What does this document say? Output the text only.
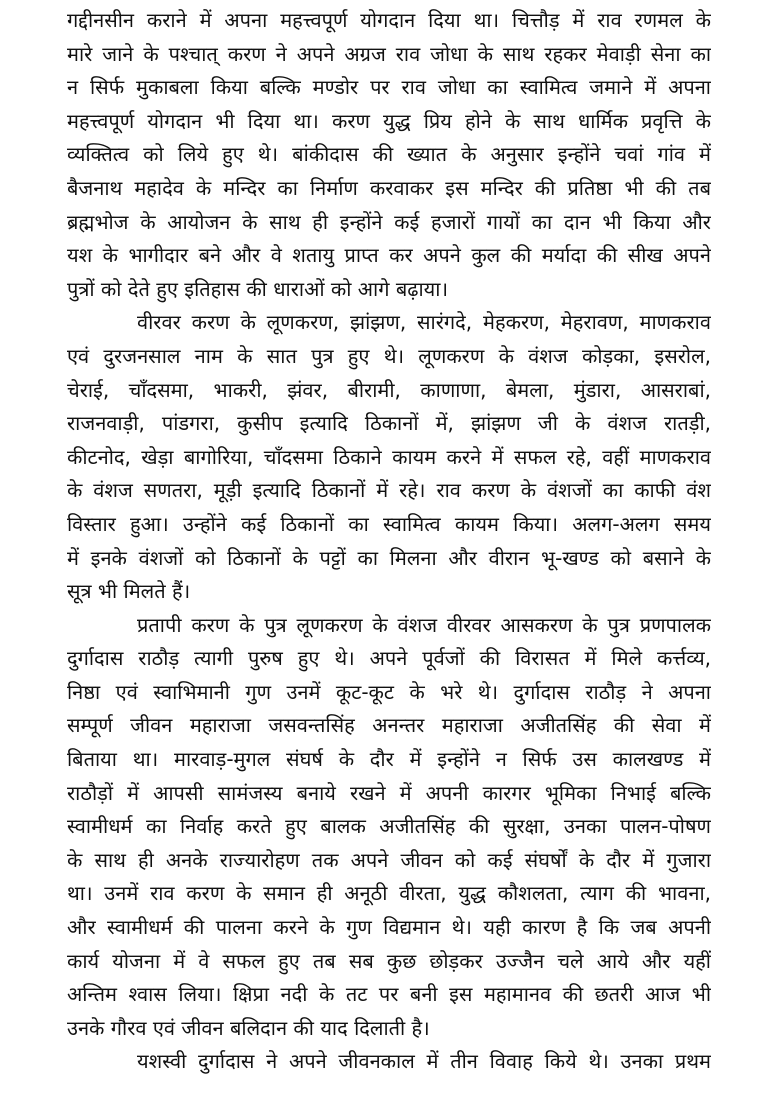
गद्दीनसीन कराने में अपना महत्त्वपूर्ण योगदान दिया था। चित्तौड़ में राव रणमल के
मारे जाने के पश्चात् करण ने अपने अग्रज राव जोधा के साथ रहकर मेवाड़ी सेना का
न सिर्फ मुकाबला किया बल्कि मण्डोर पर राव जोधा का स्वामित्व जमाने में अपना
महत्त्वपूर्ण योगदान भी दिया था। करण युद्ध प्रिय होने के साथ धार्मिक प्रवृत्ति के
व्यक्तित्व को लिये हुए थे। बांकीदास की ख्यात के अनुसार इन्होंने चवां गांव में
बैजनाथ महादेव के मन्दिर का निर्माण करवाकर इस मन्दिर की प्रतिष्ठा भी की तब
ब्रह्मभोज के आयोजन के साथ ही इन्होंने कई हजारों गायों का दान भी किया और
यश के भागीदार बने और वे शतायु प्राप्त कर अपने कुल की मर्यादा की सीख अपने
पुत्रों को देते हुए इतिहास की धाराओं को आगे बढ़ाया।
वीरवर करण के लूणकरण, झांझण, सारंगदे, मेहकरण, मेहरावण, माणकराव
एवं दुरजनसाल नाम के सात पुत्र हुए थे। लूणकरण के वंशज कोड़का, इसरोल,
चेराई, चाँदसमा, भाकरी, झंवर, बीरामी, काणाणा, बेमला, मुंडारा, आसराबां,
राजनवाड़ी, पांडगरा, कुसीप इत्यादि ठिकानों में, झांझण जी के वंशज रातड़ी,
कीटनोद, खेड़ा बागोरिया, चाँदसमा ठिकाने कायम करने में सफल रहे, वहीं माणकराव
के वंशज सणतरा, मूड़ी इत्यादि ठिकानों में रहे। राव करण के वंशजों का काफी वंश
विस्तार हुआ। उन्होंने कई ठिकानों का स्वामित्व कायम किया। अलग-अलग समय
में इनके वंशजों को ठिकानों के पट्टों का मिलना और वीरान भू-खण्ड को बसाने के
सूत्र भी मिलते हैं।
प्रतापी करण के पुत्र लूणकरण के वंशज वीरवर आसकरण के पुत्र प्रणपालक
दुर्गादास राठौड़ त्यागी पुरुष हुए थे। अपने पूर्वजों की विरासत में मिले कर्त्तव्य,
निष्ठा एवं स्वाभिमानी गुण उनमें कूट-कूट के भरे थे। दुर्गादास राठौड़ ने अपना
सम्पूर्ण जीवन महाराजा जसवन्तसिंह अनन्तर महाराजा अजीतसिंह की सेवा में
बिताया था। मारवाड़-मुगल संघर्ष के दौर में इन्होंने न सिर्फ उस कालखण्ड में
राठौड़ों में आपसी सामंजस्य बनाये रखने में अपनी कारगर भूमिका निभाई बल्कि
स्वामीधर्म का निर्वाह करते हुए बालक अजीतसिंह की सुरक्षा, उनका पालन-पोषण
के साथ ही अनके राज्यारोहण तक अपने जीवन को कई संघर्षों के दौर में गुजारा
था। उनमें राव करण के समान ही अनूठी वीरता, युद्ध कौशलता, त्याग की भावना,
और स्वामीधर्म की पालना करने के गुण विद्यमान थे। यही कारण है कि जब अपनी
कार्य योजना में वे सफल हुए तब सब कुछ छोड़कर उज्जैन चले आये और यहीं
अन्तिम श्वास लिया। क्षिप्रा नदी के तट पर बनी इस महामानव की छतरी आज भी
उनके गौरव एवं जीवन बलिदान की याद दिलाती है।
यशस्वी दुर्गादास ने अपने जीवनकाल में तीन विवाह किये थे। उनका प्रथम
